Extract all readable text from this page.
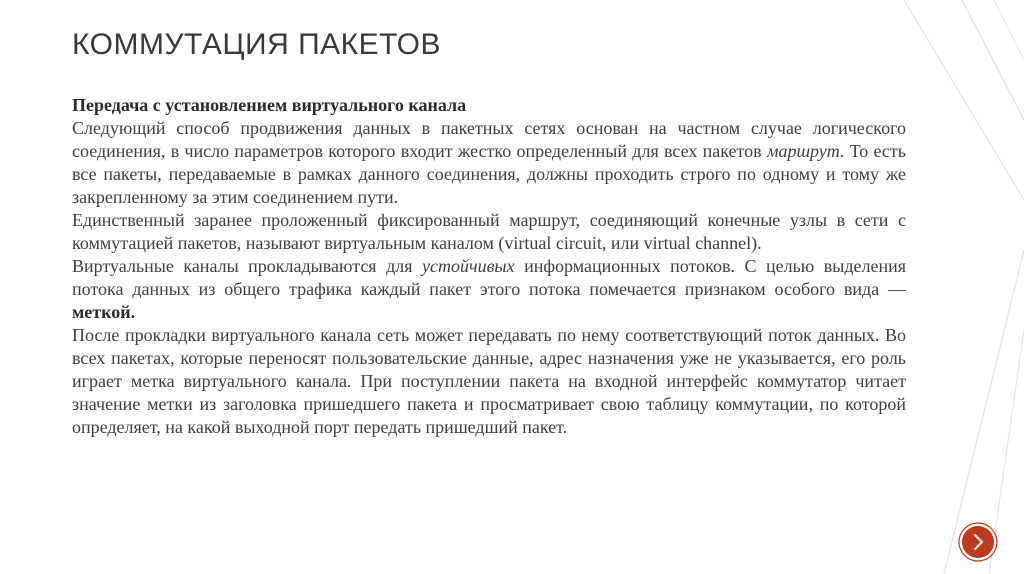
КОММУТАЦИЯ ПАКЕТОВ

Передача с установлением виртуального канала

Следующий способ продвижения данных в пакетных сетях основан на частном случае логического соединения, в число параметров которого входит жестко определенный для всех пакетов маршрут. То есть все пакеты, передаваемые в рамках данного соединения, должны проходить строго по одному и тому же закрепленному за этим соединением пути.

Единственный заранее проложенный фиксированный маршрут, соединяющий конечные узлы в сети с коммутацией пакетов, называют виртуальным каналом (virtual circuit, или virtual channel).

Виртуальные каналы прокладываются для устойчивых информационных потоков. С целью выделения потока данных из общего трафика каждый пакет этого потока помечается признаком особого вида — меткой.

После прокладки виртуального канала сеть может передавать по нему соответствующий поток данных. Во всех пакетах, которые переносят пользовательские данные, адрес назначения уже не указывается, его роль играет метка виртуального канала. При поступлении пакета на входной интерфейс коммутатор читает значение метки из заголовка пришедшего пакета и просматривает свою таблицу коммутации, по которой определяет, на какой выходной порт передать пришедший пакет.
